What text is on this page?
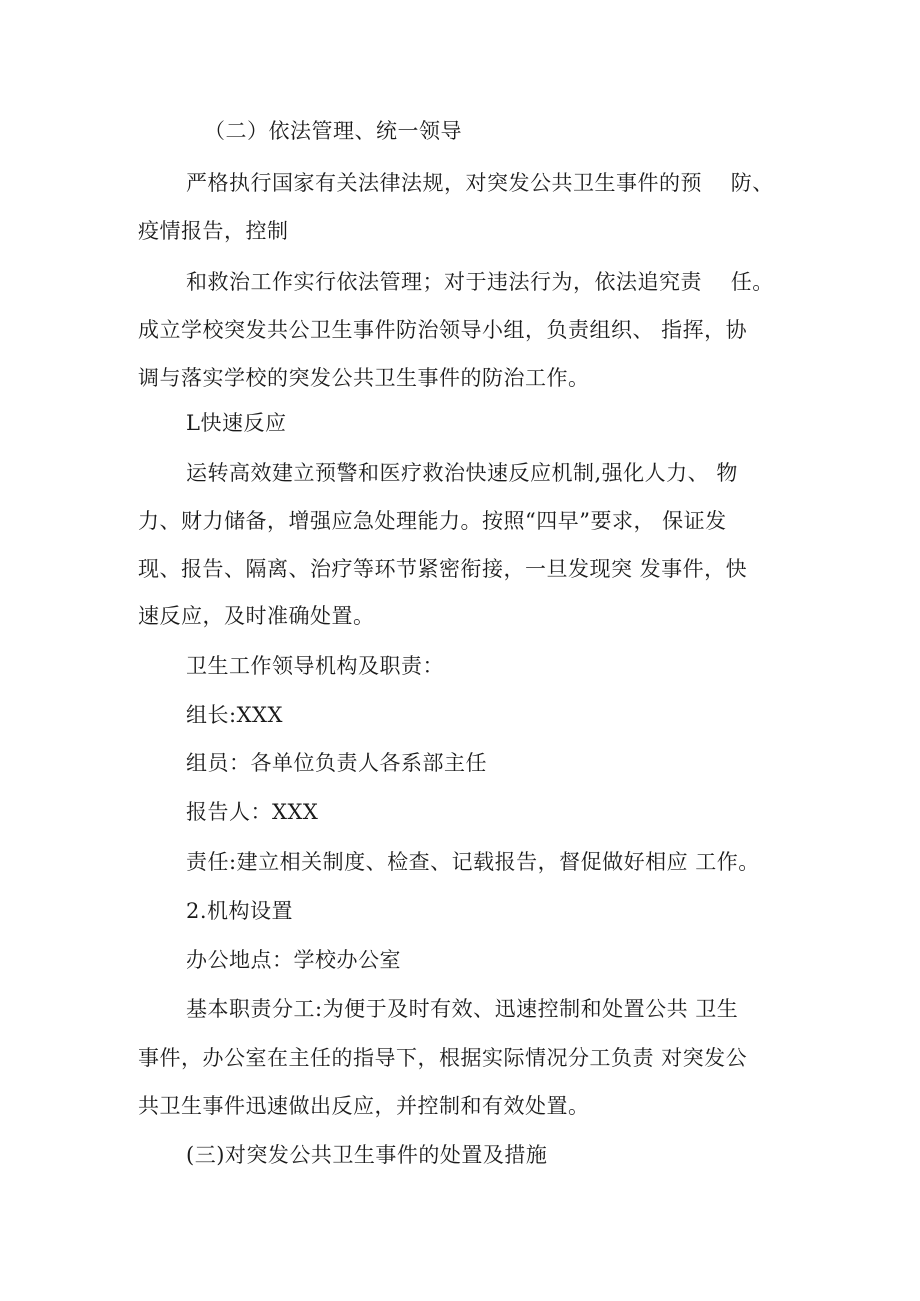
（二）依法管理、统一领导
严格执行国家有关法律法规，对突发公共卫生事件的预    防、
疫情报告，控制
和救治工作实行依法管理；对于违法行为，依法追究责    任。
成立学校突发共公卫生事件防治领导小组，负责组织、 指挥，协
调与落实学校的突发公共卫生事件的防治工作。
L快速反应
运转高效建立预警和医疗救治快速反应机制,强化人力、 物
力、财力储备，增强应急处理能力。按照“四早”要求， 保证发
现、报告、隔离、治疗等环节紧密衔接，一旦发现突 发事件，快
速反应，及时准确处置。
卫生工作领导机构及职责：
组长:XXX
组员：各单位负责人各系部主任
报告人：XXX
责任:建立相关制度、检查、记载报告，督促做好相应 工作。
2.机构设置
办公地点：学校办公室
基本职责分工:为便于及时有效、迅速控制和处置公共 卫生
事件，办公室在主任的指导下，根据实际情况分工负责 对突发公
共卫生事件迅速做出反应，并控制和有效处置。
(三)对突发公共卫生事件的处置及措施
